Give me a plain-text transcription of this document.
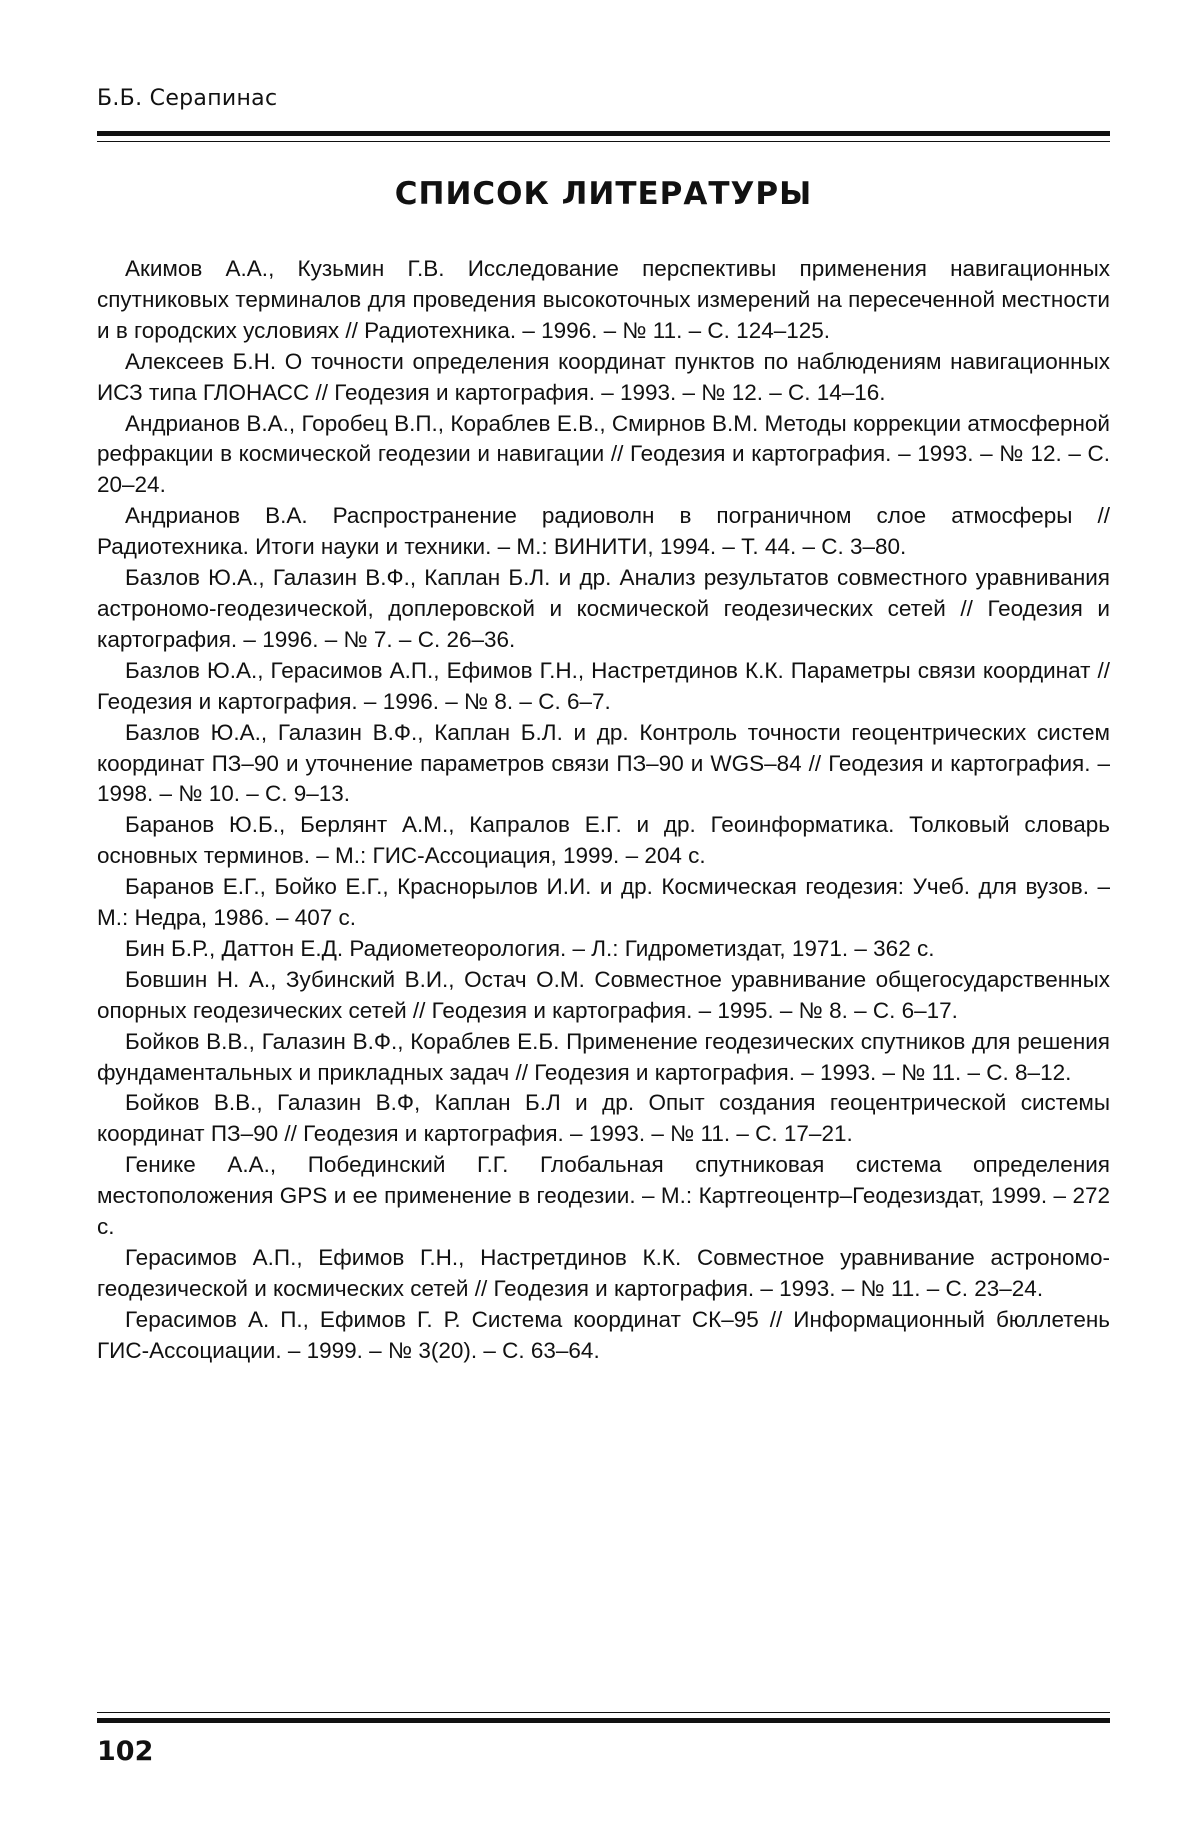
Б.Б. Серапинас
СПИСОК ЛИТЕРАТУРЫ

Акимов А.А., Кузьмин Г.В. Исследование перспективы применения навигационных спутниковых терминалов для проведения высокоточных измерений на пересеченной местности и в городских условиях // Радиотехника. – 1996. – № 11. – С. 124–125.

Алексеев Б.Н. О точности определения координат пунктов по наблюдениям навигационных ИСЗ типа ГЛОНАСС // Геодезия и картография. – 1993. – № 12. – С. 14–16.

Андрианов В.А., Горобец В.П., Кораблев Е.В., Смирнов В.М. Методы коррекции атмосферной рефракции в космической геодезии и навигации // Геодезия и картография. – 1993. – № 12. – С. 20–24.

Андрианов В.А. Распространение радиоволн в пограничном слое атмосферы // Радиотехника. Итоги науки и техники. – М.: ВИНИТИ, 1994. – Т. 44. – С. 3–80.

Базлов Ю.А., Галазин В.Ф., Каплан Б.Л. и др. Анализ результатов совместного уравнивания астрономо-геодезической, доплеровской и космической геодезических сетей // Геодезия и картография. – 1996. – № 7. – С. 26–36.

Базлов Ю.А., Герасимов А.П., Ефимов Г.Н., Настретдинов К.К. Параметры связи координат // Геодезия и картография. – 1996. – № 8. – С. 6–7.

Базлов Ю.А., Галазин В.Ф., Каплан Б.Л. и др. Контроль точности геоцентрических систем координат ПЗ–90 и уточнение параметров связи ПЗ–90 и WGS–84 // Геодезия и картография. – 1998. – № 10. – С. 9–13.

Баранов Ю.Б., Берлянт А.М., Капралов Е.Г. и др. Геоинформатика. Толковый словарь основных терминов. – М.: ГИС-Ассоциация, 1999. – 204 с.

Баранов Е.Г., Бойко Е.Г., Краснорылов И.И. и др. Космическая геодезия: Учеб. для вузов. – М.: Недра, 1986. – 407 с.

Бин Б.Р., Даттон Е.Д. Радиометеорология. – Л.: Гидрометиздат, 1971. – 362 с.

Бовшин Н. А., Зубинский В.И., Остач О.М. Совместное уравнивание общегосударственных опорных геодезических сетей // Геодезия и картография. – 1995. – № 8. – С. 6–17.

Бойков В.В., Галазин В.Ф., Кораблев Е.Б. Применение геодезических спутников для решения фундаментальных и прикладных задач // Геодезия и картография. – 1993. – № 11. – С. 8–12.

Бойков В.В., Галазин В.Ф, Каплан Б.Л и др. Опыт создания геоцентрической системы координат ПЗ–90 // Геодезия и картография. – 1993. – № 11. – С. 17–21.

Генике А.А., Побединский Г.Г. Глобальная спутниковая система определения местоположения GPS и ее применение в геодезии. – М.: Картгеоцентр–Геодезиздат, 1999. – 272 с.

Герасимов А.П., Ефимов Г.Н., Настретдинов К.К. Совместное уравнивание астрономо-геодезической и космических сетей // Геодезия и картография. – 1993. – № 11. – С. 23–24.

Герасимов А. П., Ефимов Г. Р. Система координат СК–95 // Информационный бюллетень ГИС-Ассоциации. – 1999. – № 3(20). – С. 63–64.

102
